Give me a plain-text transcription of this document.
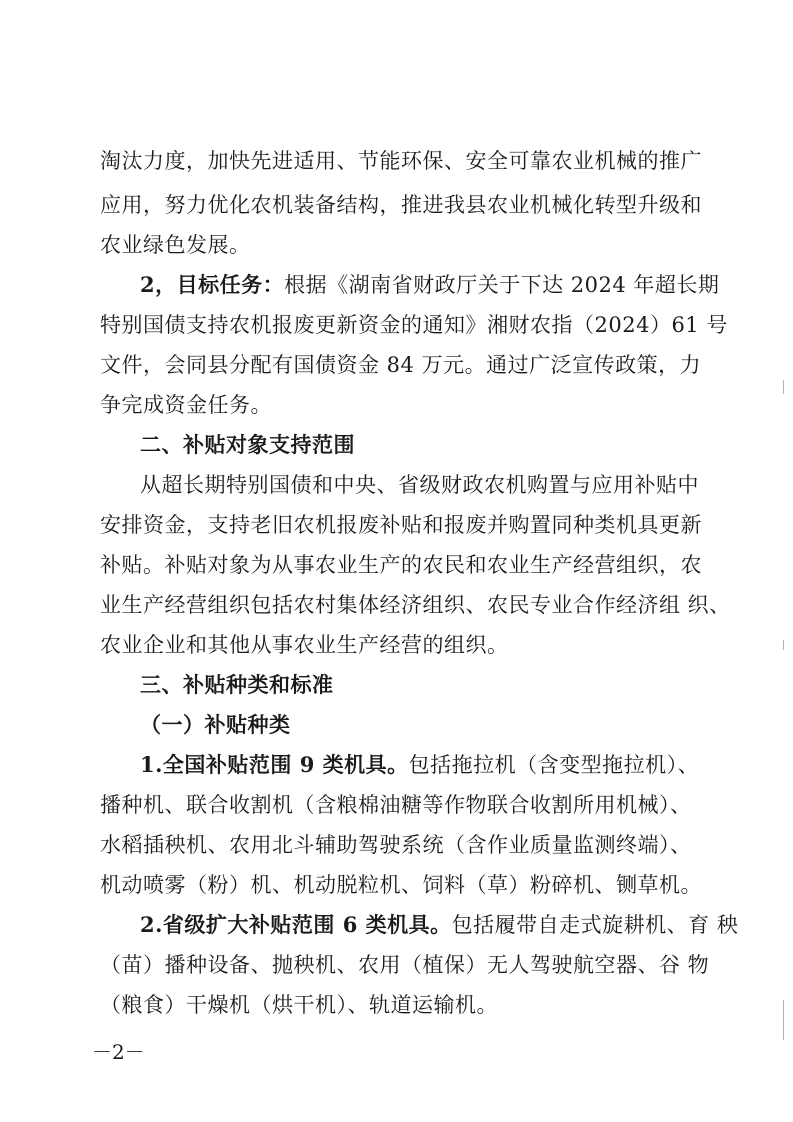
淘汰力度，加快先进适用、节能环保、安全可靠农业机械的推广
应用，努力优化农机装备结构，推进我县农业机械化转型升级和
农业绿色发展。
2，目标任务：根据《湖南省财政厅关于下达 2024 年超长期
特别国债支持农机报废更新资金的通知》湘财农指（2024）61 号
文件，会同县分配有国债资金 84 万元。通过广泛宣传政策，力
争完成资金任务。
二、补贴对象支持范围
从超长期特别国债和中央、省级财政农机购置与应用补贴中
安排资金，支持老旧农机报废补贴和报废并购置同种类机具更新
补贴。补贴对象为从事农业生产的农民和农业生产经营组织，农
业生产经营组织包括农村集体经济组织、农民专业合作经济组 织、
农业企业和其他从事农业生产经营的组织。
三、补贴种类和标准
（一）补贴种类
1.全国补贴范围 9 类机具。包括拖拉机（含变型拖拉机）、
播种机、联合收割机（含粮棉油糖等作物联合收割所用机械）、
水稻插秧机、农用北斗辅助驾驶系统（含作业质量监测终端）、
机动喷雾（粉）机、机动脱粒机、饲料（草）粉碎机、铡草机。
2.省级扩大补贴范围 6 类机具。包括履带自走式旋耕机、育 秧
（苗）播种设备、抛秧机、农用（植保）无人驾驶航空器、谷 物
（粮食）干燥机（烘干机）、轨道运输机。
－2－
